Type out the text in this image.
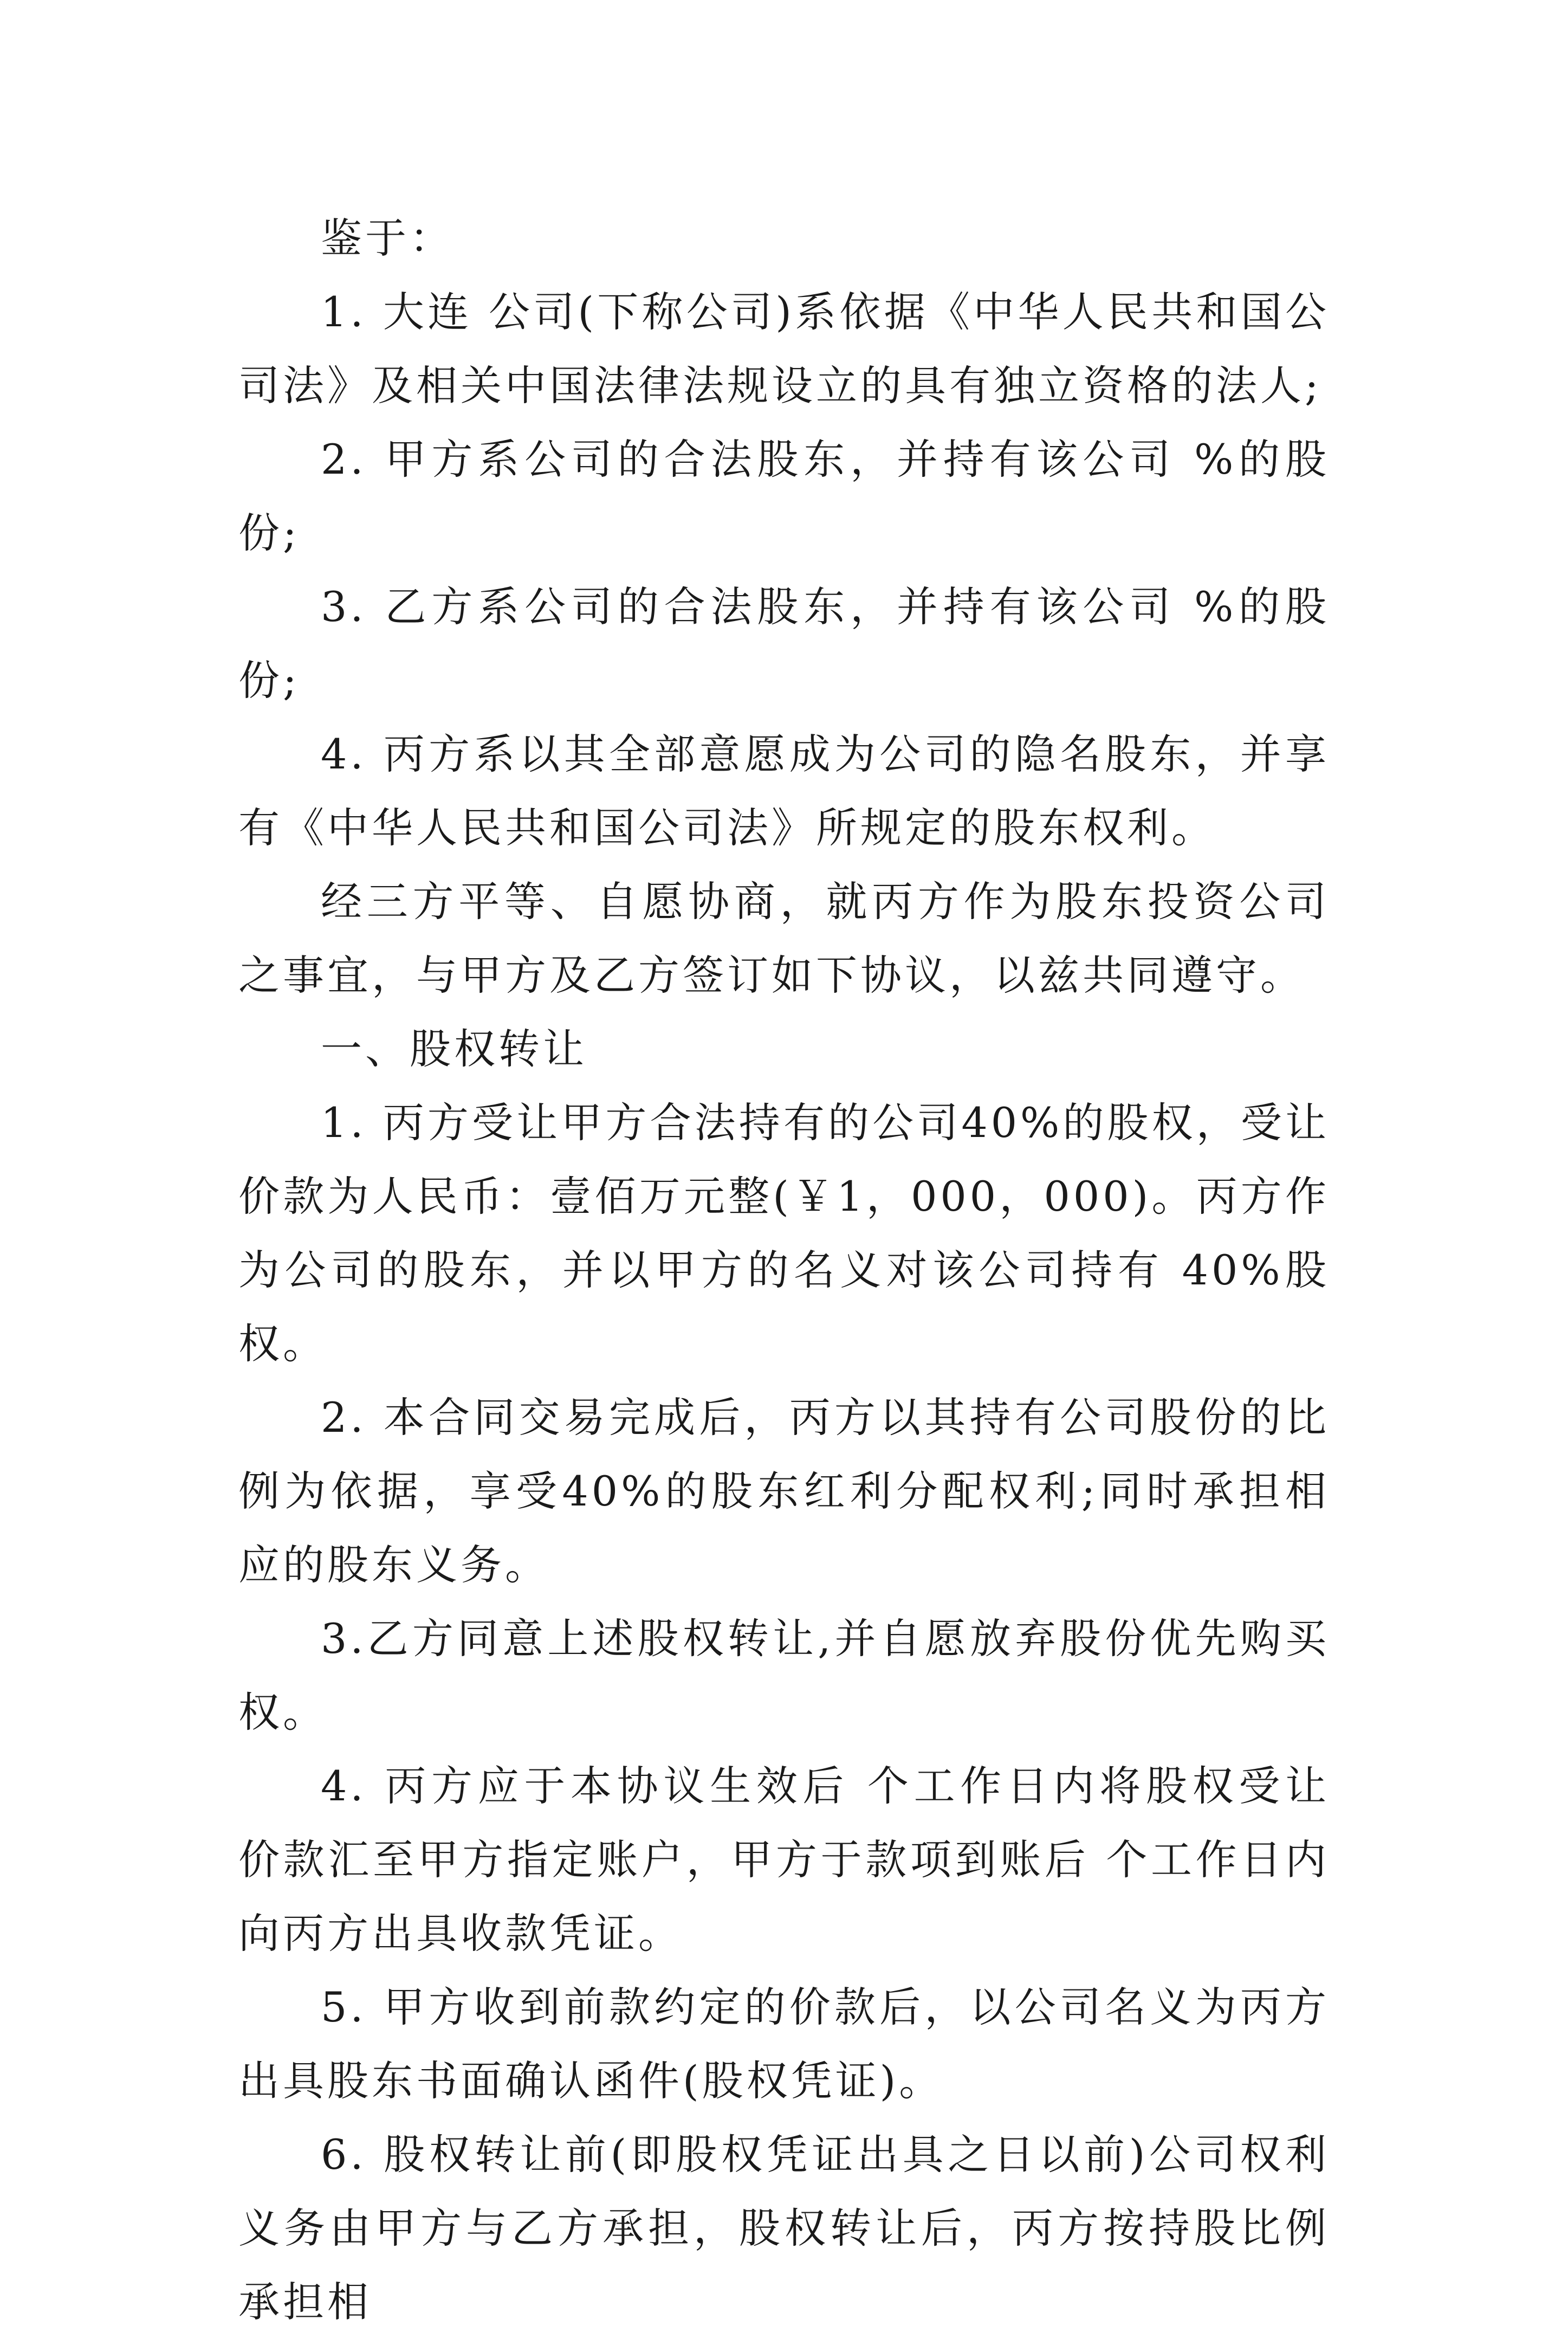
鉴于：

1. 大连 公司(下称公司)系依据《中华人民共和国公司法》及相关中国法律法规设立的具有独立资格的法人;

2. 甲方系公司的合法股东，并持有该公司 %的股份;

3. 乙方系公司的合法股东，并持有该公司 %的股份;

4. 丙方系以其全部意愿成为公司的隐名股东，并享有《中华人民共和国公司法》所规定的股东权利。

经三方平等、自愿协商，就丙方作为股东投资公司之事宜，与甲方及乙方签订如下协议，以兹共同遵守。

一、股权转让

1. 丙方受让甲方合法持有的公司40%的股权，受让价款为人民币：壹佰万元整(￥1，000，000)。丙方作为公司的股东，并以甲方的名义对该公司持有 40%股权。

2. 本合同交易完成后，丙方以其持有公司股份的比例为依据，享受40%的股东红利分配权利;同时承担相应的股东义务。

3.乙方同意上述股权转让,并自愿放弃股份优先购买权。

4. 丙方应于本协议生效后 个工作日内将股权受让价款汇至甲方指定账户，甲方于款项到账后 个工作日内向丙方出具收款凭证。

5. 甲方收到前款约定的价款后，以公司名义为丙方出具股东书面确认函件(股权凭证)。

6. 股权转让前(即股权凭证出具之日以前)公司权利义务由甲方与乙方承担，股权转让后，丙方按持股比例承担相
